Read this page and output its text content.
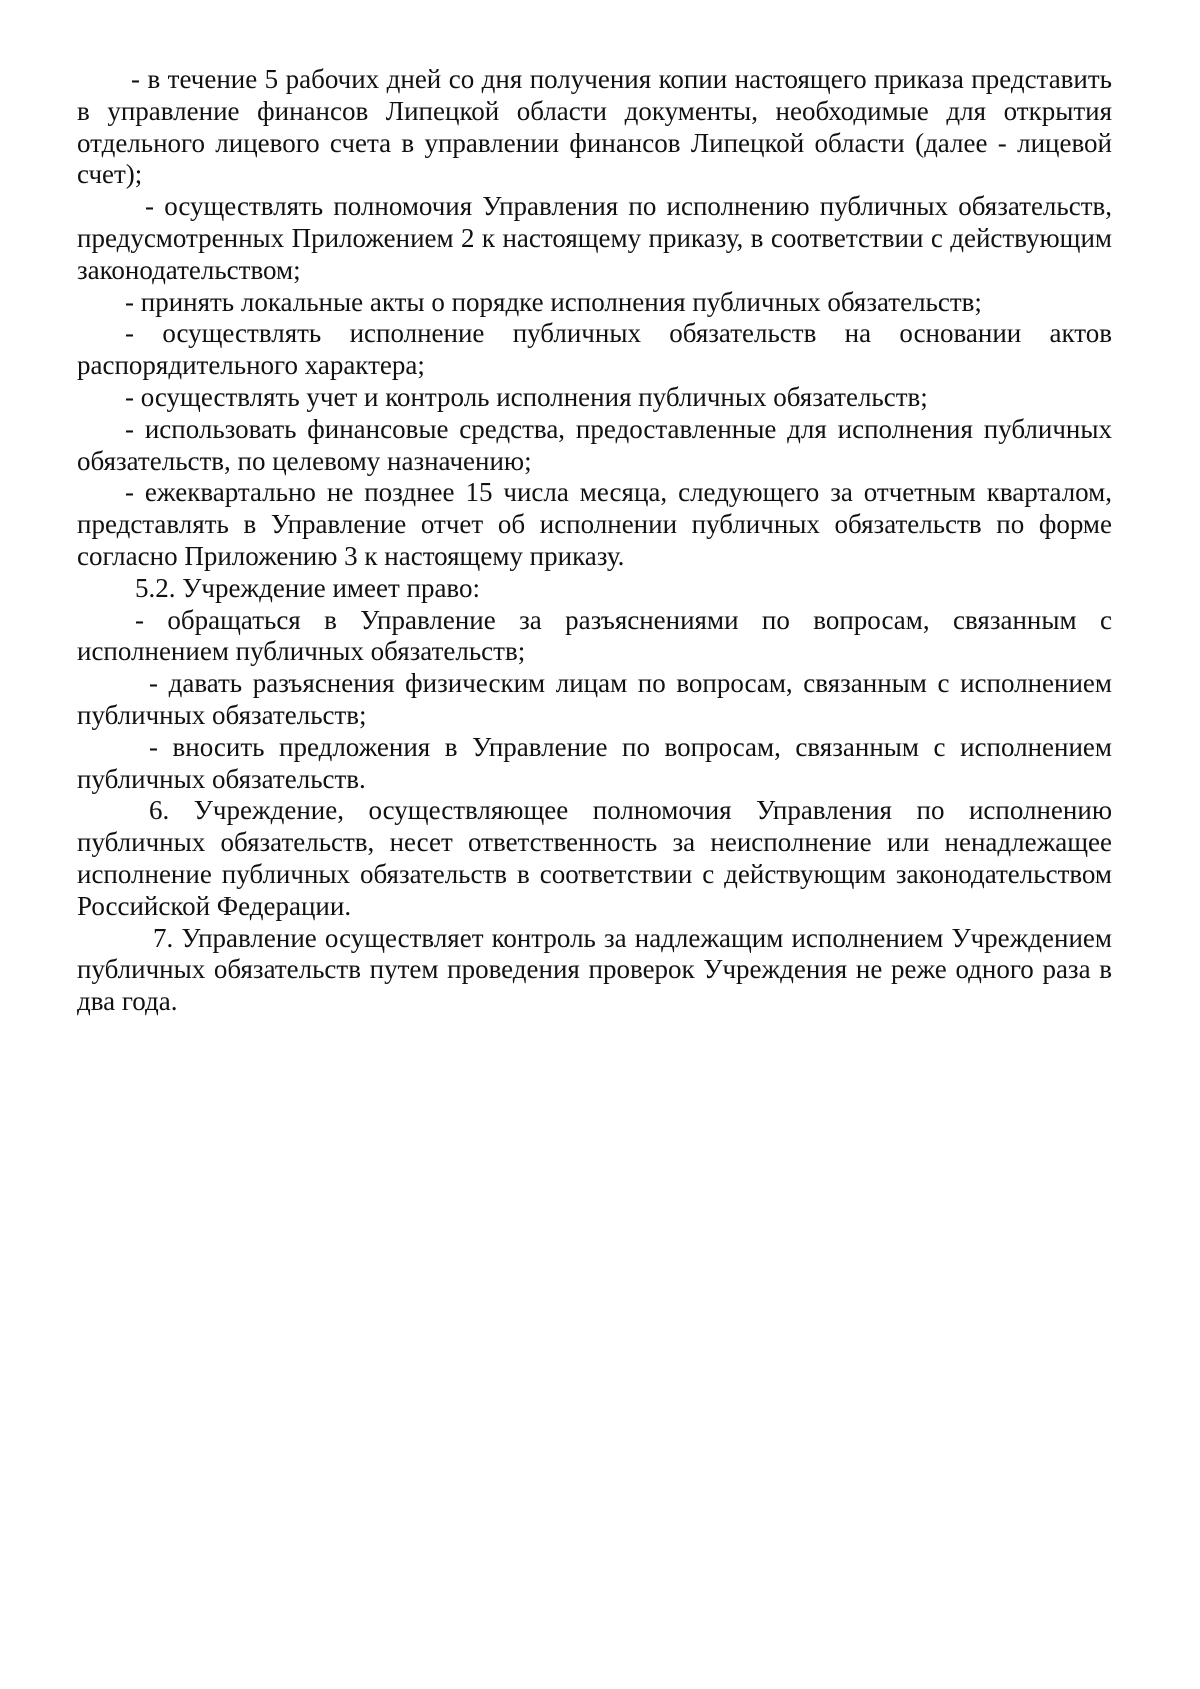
- в течение 5 рабочих дней со дня получения копии настоящего приказа представить в управление финансов Липецкой области документы, необходимые для открытия отдельного лицевого счета в управлении финансов Липецкой области (далее - лицевой счет);

- осуществлять полномочия Управления по исполнению публичных обязательств, предусмотренных Приложением 2 к настоящему приказу, в соответствии с действующим законодательством;

- принять локальные акты о порядке исполнения публичных обязательств;

- осуществлять исполнение публичных обязательств на основании актов распорядительного характера;

- осуществлять учет и контроль исполнения публичных обязательств;

- использовать финансовые средства, предоставленные для исполнения публичных обязательств, по целевому назначению;

- ежеквартально не позднее 15 числа месяца, следующего за отчетным кварталом, представлять в Управление отчет об исполнении публичных обязательств по форме согласно Приложению 3 к настоящему приказу.

5.2. Учреждение имеет право:

- обращаться в Управление за разъяснениями по вопросам, связанным с исполнением публичных обязательств;

- давать разъяснения физическим лицам по вопросам, связанным с исполнением публичных обязательств;

- вносить предложения в Управление по вопросам, связанным с исполнением публичных обязательств.

6. Учреждение, осуществляющее полномочия Управления по исполнению публичных обязательств, несет ответственность за неисполнение или ненадлежащее исполнение публичных обязательств в соответствии с действующим законодательством Российской Федерации.

7. Управление осуществляет контроль за надлежащим исполнением Учреждением публичных обязательств путем проведения проверок Учреждения не реже одного раза в два года.
